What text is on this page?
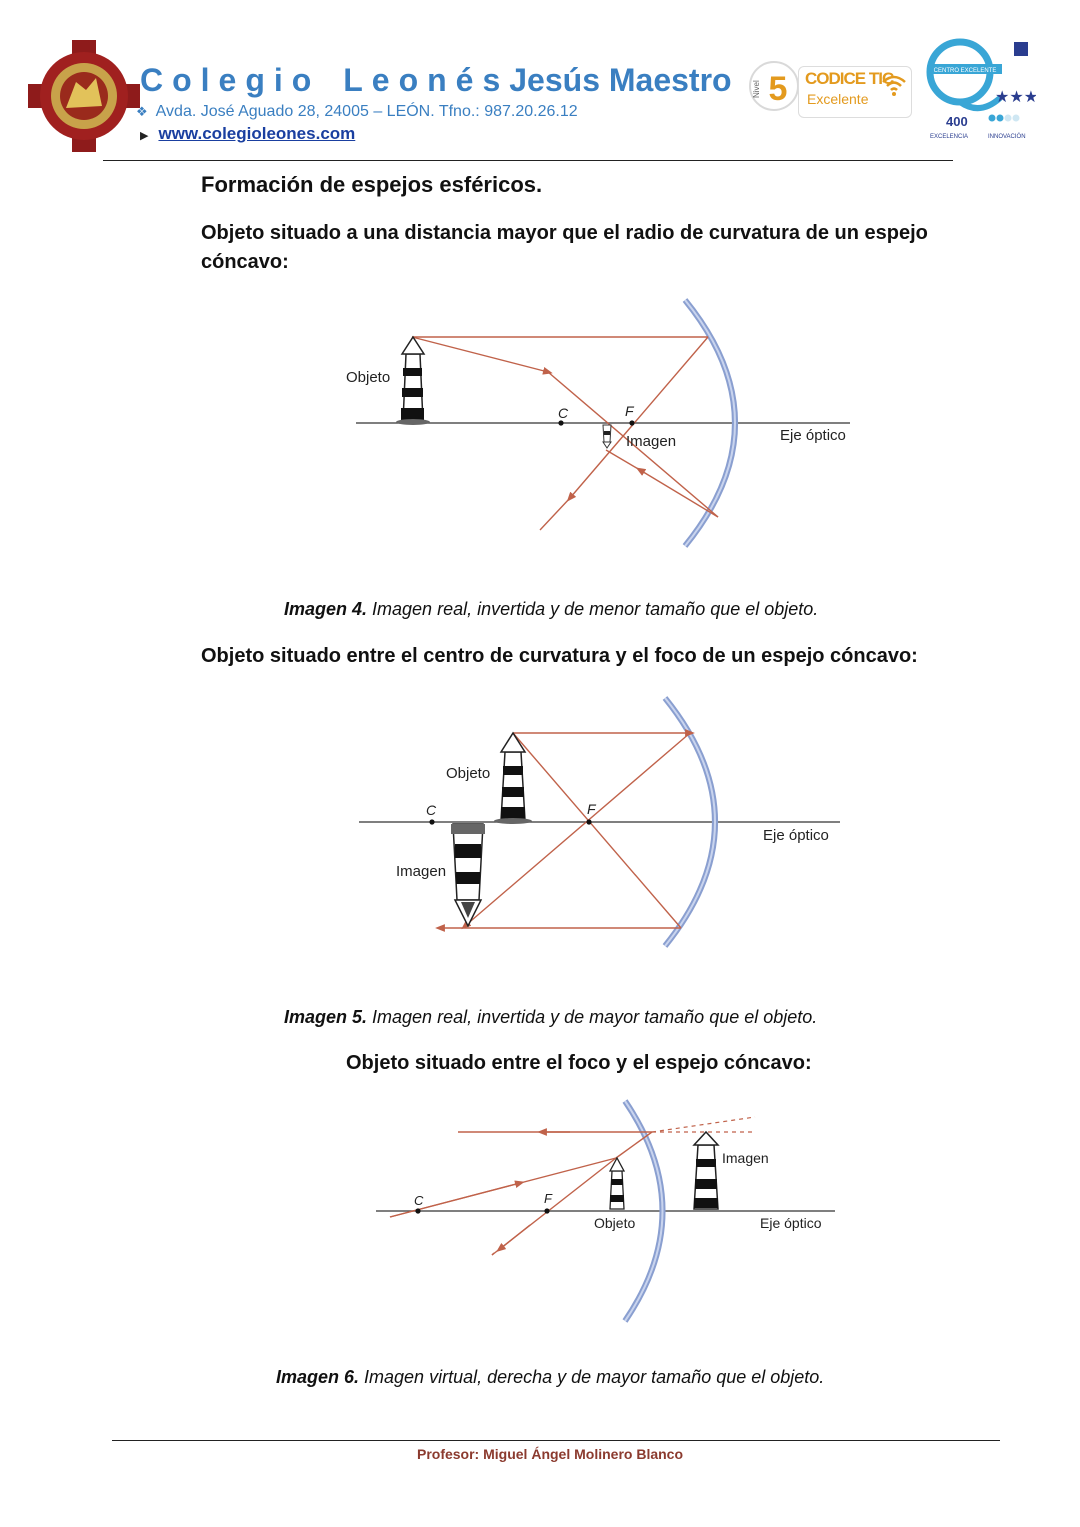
Colegio LeonésJesús Maestro
❖ Avda. José Aguado 28, 24005 – LEÓN. Tfno.: 987.20.26.12
▶ www.colegioleones.com
5
Nivel
CODICE TIC
Excelente
CENTRO EXCELENTE
★★★
400
EXCELENCIA	INNOVACIÓN
Formación de espejos esféricos.
Objeto situado a una distancia mayor que el radio de curvatura de un espejo cóncavo:
Objeto
C	F
Imagen	Eje óptico
Imagen 4. Imagen real, invertida y de menor tamaño que el objeto.
Objeto situado entre el centro de curvatura y el foco de un espejo cóncavo:
Objeto
C	F
Imagen
Eje óptico
Imagen 5. Imagen real, invertida y de mayor tamaño que el objeto.
Objeto situado entre el foco y el espejo cóncavo:
C	F
Objeto
Imagen
Eje óptico
Imagen 6. Imagen virtual, derecha y de mayor tamaño que el objeto.
Profesor: Miguel Ángel Molinero Blanco
